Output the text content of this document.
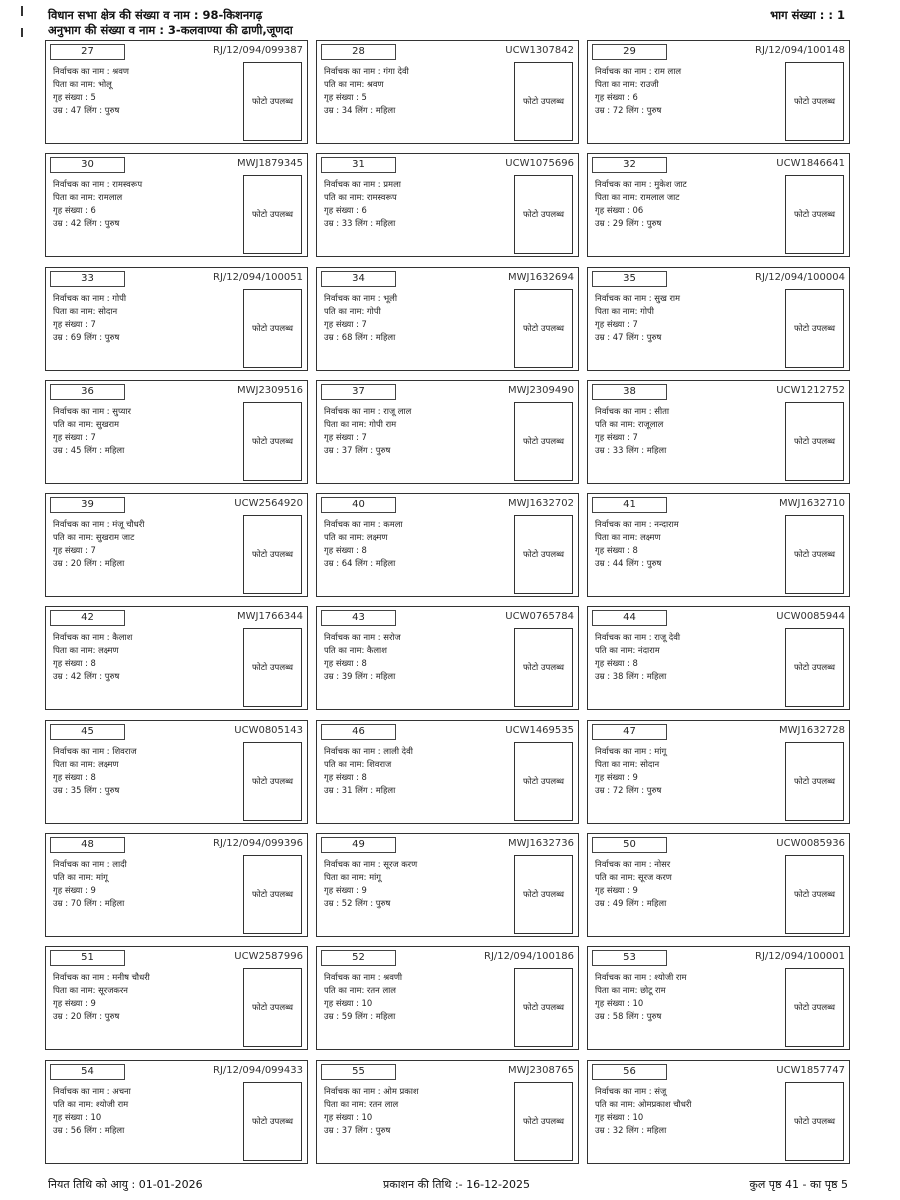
विधान सभा क्षेत्र की संख्या व नाम : 98-किशनगढ़
अनुभाग की संख्या व नाम : 3-कलवाण्या की ढाणी,जूणदा
भाग संख्या : : 1
27	RJ/12/094/099387
निर्वाचक का नाम : श्रवण
पिता का नाम: भोलू
गृह संख्या : 5
उम्र : 47 लिंग : पुरुष
फोटो उपलब्ध
28	UCW1307842
निर्वाचक का नाम : गंगा देवी
पति का नाम: श्रवण
गृह संख्या : 5
उम्र : 34 लिंग : महिला
फोटो उपलब्ध
29	RJ/12/094/100148
निर्वाचक का नाम : राम लाल
पिता का नाम: राउजी
गृह संख्या : 6
उम्र : 72 लिंग : पुरुष
फोटो उपलब्ध
30	MWJ1879345
निर्वाचक का नाम : रामस्वरूप
पिता का नाम: रामलाल
गृह संख्या : 6
उम्र : 42 लिंग : पुरुष
फोटो उपलब्ध
31	UCW1075696
निर्वाचक का नाम : प्रमला
पति का नाम: रामस्वरूप
गृह संख्या : 6
उम्र : 33 लिंग : महिला
फोटो उपलब्ध
32	UCW1846641
निर्वाचक का नाम : मुकेश जाट
पिता का नाम: रामलाल जाट
गृह संख्या : 06
उम्र : 29 लिंग : पुरुष
फोटो उपलब्ध
33	RJ/12/094/100051
निर्वाचक का नाम : गोपी
पिता का नाम: सोदान
गृह संख्या : 7
उम्र : 69 लिंग : पुरुष
फोटो उपलब्ध
34	MWJ1632694
निर्वाचक का नाम : भूली
पति का नाम: गोपी
गृह संख्या : 7
उम्र : 68 लिंग : महिला
फोटो उपलब्ध
35	RJ/12/094/100004
निर्वाचक का नाम : सुख राम
पिता का नाम: गोपी
गृह संख्या : 7
उम्र : 47 लिंग : पुरुष
फोटो उपलब्ध
36	MWJ2309516
निर्वाचक का नाम : सुप्यार
पति का नाम: सुखराम
गृह संख्या : 7
उम्र : 45 लिंग : महिला
फोटो उपलब्ध
37	MWJ2309490
निर्वाचक का नाम : राजू लाल
पिता का नाम: गोपी राम
गृह संख्या : 7
उम्र : 37 लिंग : पुरुष
फोटो उपलब्ध
38	UCW1212752
निर्वाचक का नाम : सीता
पति का नाम: राजूलाल
गृह संख्या : 7
उम्र : 33 लिंग : महिला
फोटो उपलब्ध
39	UCW2564920
निर्वाचक का नाम : मंजू चौधरी
पति का नाम: सुखराम जाट
गृह संख्या : 7
उम्र : 20 लिंग : महिला
फोटो उपलब्ध
40	MWJ1632702
निर्वाचक का नाम : कमला
पति का नाम: लक्ष्मण
गृह संख्या : 8
उम्र : 64 लिंग : महिला
फोटो उपलब्ध
41	MWJ1632710
निर्वाचक का नाम : नन्दाराम
पिता का नाम: लक्ष्मण
गृह संख्या : 8
उम्र : 44 लिंग : पुरुष
फोटो उपलब्ध
42	MWJ1766344
निर्वाचक का नाम : कैलाश
पिता का नाम: लक्ष्मण
गृह संख्या : 8
उम्र : 42 लिंग : पुरुष
फोटो उपलब्ध
43	UCW0765784
निर्वाचक का नाम : सरोज
पति का नाम: कैलाश
गृह संख्या : 8
उम्र : 39 लिंग : महिला
फोटो उपलब्ध
44	UCW0085944
निर्वाचक का नाम : राजू देवी
पति का नाम: नंदाराम
गृह संख्या : 8
उम्र : 38 लिंग : महिला
फोटो उपलब्ध
45	UCW0805143
निर्वाचक का नाम : शिवराज
पिता का नाम: लक्ष्मण
गृह संख्या : 8
उम्र : 35 लिंग : पुरुष
फोटो उपलब्ध
46	UCW1469535
निर्वाचक का नाम : लाली देवी
पति का नाम: शिवराज
गृह संख्या : 8
उम्र : 31 लिंग : महिला
फोटो उपलब्ध
47	MWJ1632728
निर्वाचक का नाम : मांगू
पिता का नाम: सोदान
गृह संख्या : 9
उम्र : 72 लिंग : पुरुष
फोटो उपलब्ध
48	RJ/12/094/099396
निर्वाचक का नाम : लादी
पति का नाम: मांगू
गृह संख्या : 9
उम्र : 70 लिंग : महिला
फोटो उपलब्ध
49	MWJ1632736
निर्वाचक का नाम : सूरज करण
पिता का नाम: मांगू
गृह संख्या : 9
उम्र : 52 लिंग : पुरुष
फोटो उपलब्ध
50	UCW0085936
निर्वाचक का नाम : नोसर
पति का नाम: सूरज करण
गृह संख्या : 9
उम्र : 49 लिंग : महिला
फोटो उपलब्ध
51	UCW2587996
निर्वाचक का नाम : मनीष चौधरी
पिता का नाम: सूरजकरन
गृह संख्या : 9
उम्र : 20 लिंग : पुरुष
फोटो उपलब्ध
52	RJ/12/094/100186
निर्वाचक का नाम : श्रवणी
पति का नाम: रतन लाल
गृह संख्या : 10
उम्र : 59 लिंग : महिला
फोटो उपलब्ध
53	RJ/12/094/100001
निर्वाचक का नाम : श्योजी राम
पिता का नाम: छोटू राम
गृह संख्या : 10
उम्र : 58 लिंग : पुरुष
फोटो उपलब्ध
54	RJ/12/094/099433
निर्वाचक का नाम : अचना
पति का नाम: श्योजी राम
गृह संख्या : 10
उम्र : 56 लिंग : महिला
फोटो उपलब्ध
55	MWJ2308765
निर्वाचक का नाम : ओम प्रकाश
पिता का नाम: रतन लाल
गृह संख्या : 10
उम्र : 37 लिंग : पुरुष
फोटो उपलब्ध
56	UCW1857747
निर्वाचक का नाम : संजू
पति का नाम: ओमप्रकाश चौधरी
गृह संख्या : 10
उम्र : 32 लिंग : महिला
फोटो उपलब्ध
नियत तिथि को आयु : 01-01-2026	प्रकाशन की तिथि :- 16-12-2025	कुल पृष्ठ 41 - का पृष्ठ 5
